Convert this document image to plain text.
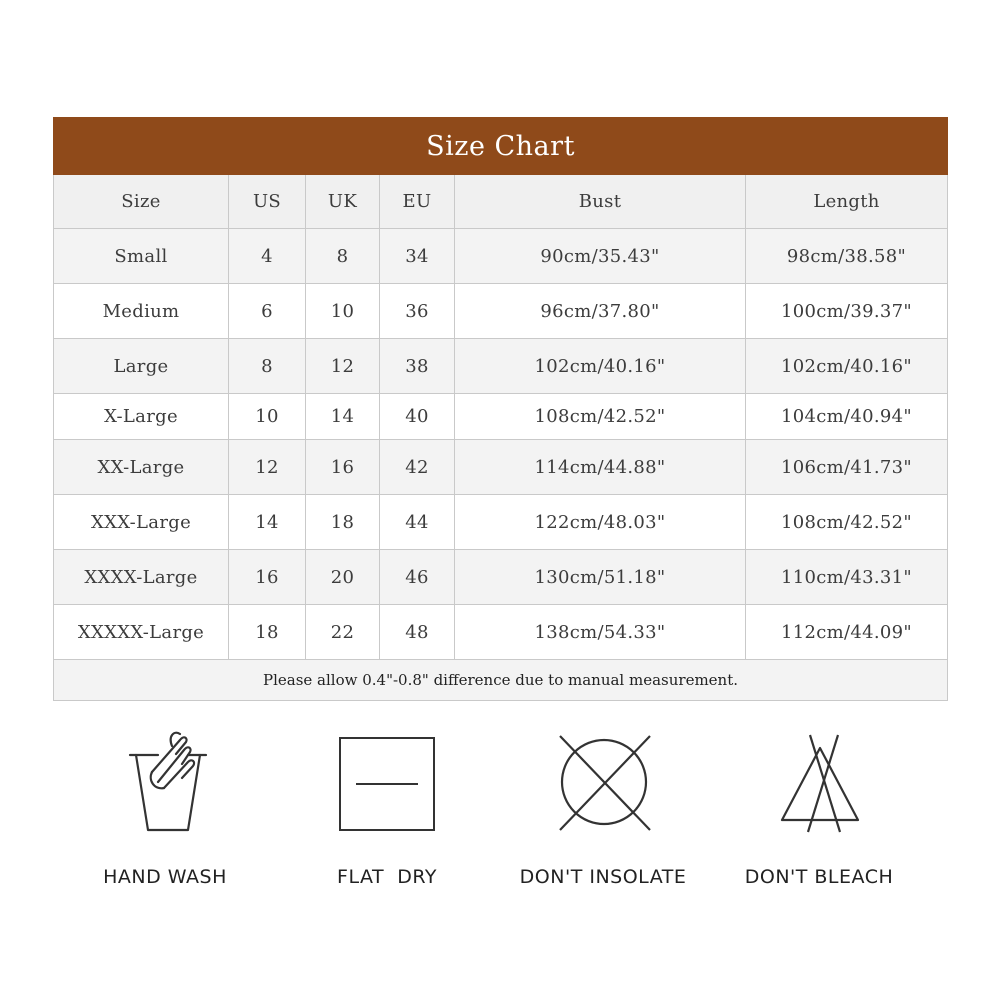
Size Chart					
Size	US	UK	EU	Bust	Length
Small	4	8	34	90cm/35.43"	98cm/38.58"
Medium	6	10	36	96cm/37.80"	100cm/39.37"
Large	8	12	38	102cm/40.16"	102cm/40.16"
X-Large	10	14	40	108cm/42.52"	104cm/40.94"
XX-Large	12	16	42	114cm/44.88"	106cm/41.73"
XXX-Large	14	18	44	122cm/48.03"	108cm/42.52"
XXXX-Large	16	20	46	130cm/51.18"	110cm/43.31"
XXXXX-Large	18	22	48	138cm/54.33"	112cm/44.09"
Please allow 0.4"-0.8" difference due to manual measurement.					
HAND WASH	FLAT  DRY	DON'T INSOLATE	DON'T BLEACH
